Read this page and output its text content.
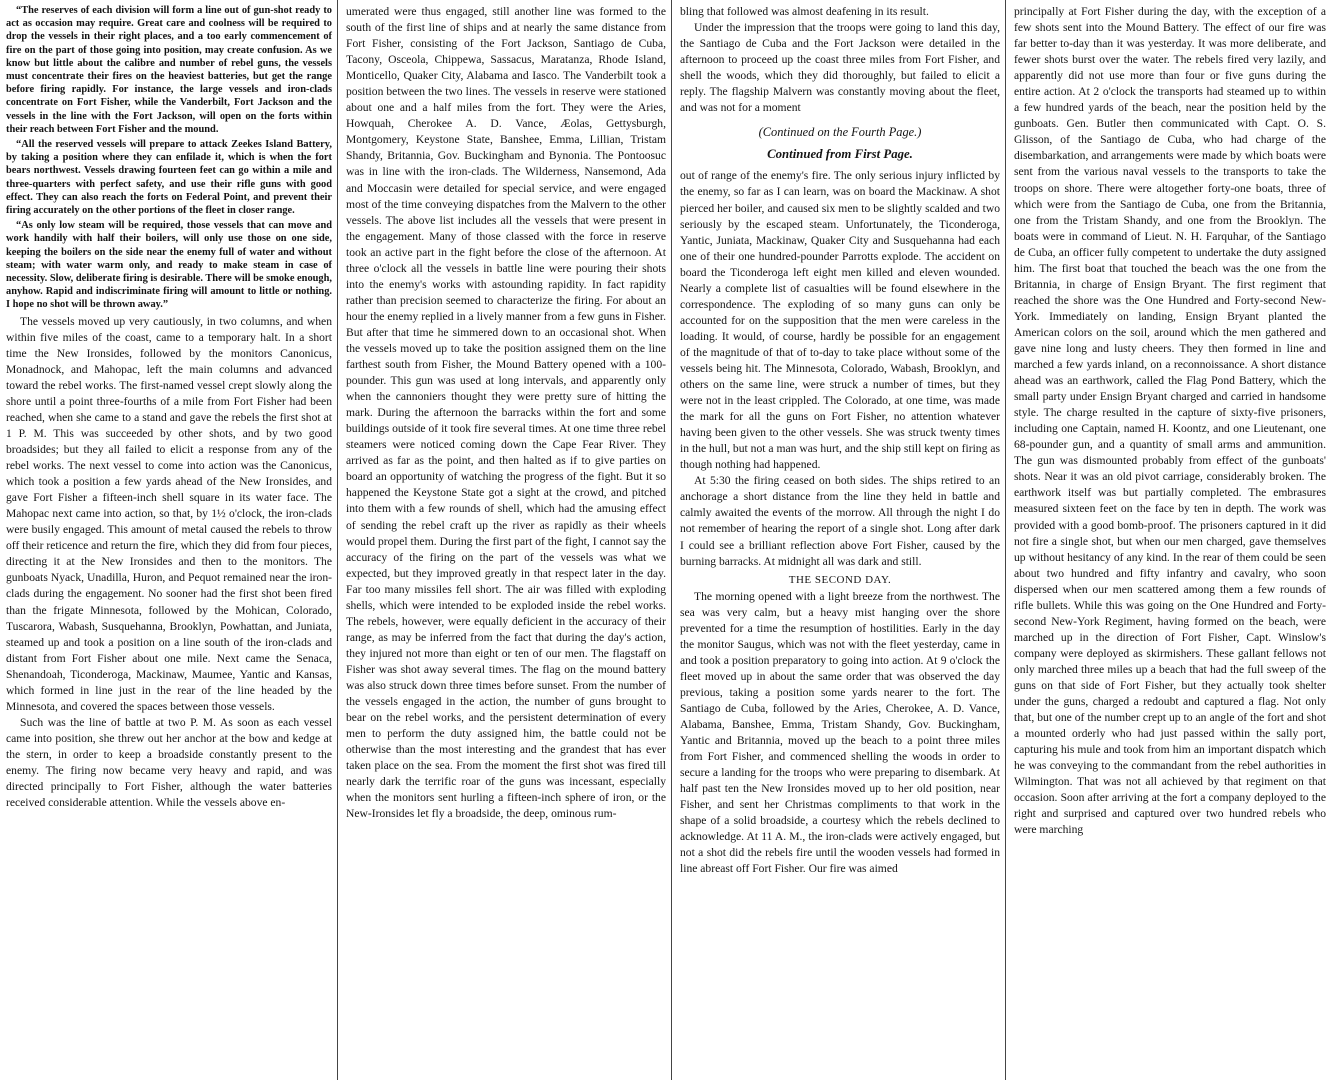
“The reserves of each division will form a line out of gun-shot ready to act as occasion may require. Great care and coolness will be required to drop the vessels in their right places, and a too early commencement of fire on the part of those going into position, may create confusion. As we know but little about the calibre and number of rebel guns, the vessels must concentrate their fires on the heaviest batteries, but get the range before firing rapidly. For instance, the large vessels and iron-clads concentrate on Fort Fisher, while the Vanderbilt, Fort Jackson and the vessels in the line with the Fort Jackson, will open on the forts within their reach between Fort Fisher and the mound.

“All the reserved vessels will prepare to attack Zeekes Island Battery, by taking a position where they can enfilade it, which is when the fort bears northwest. Vessels drawing fourteen feet can go within a mile and three-quarters with perfect safety, and use their rifle guns with good effect. They can also reach the forts on Federal Point, and prevent their firing accurately on the other portions of the fleet in closer range.

“As only low steam will be required, those vessels that can move and work handily with half their boilers, will only use those on one side, keeping the boilers on the side near the enemy full of water and without steam; with water warm only, and ready to make steam in case of necessity. Slow, deliberate firing is desirable. There will be smoke enough, anyhow. Rapid and indiscriminate firing will amount to little or nothing. I hope no shot will be thrown away.”

The vessels moved up very cautiously, in two columns, and when within five miles of the coast, came to a temporary halt. In a short time the New Ironsides, followed by the monitors Canonicus, Monadnock, and Mahopac, left the main columns and advanced toward the rebel works. The first-named vessel crept slowly along the shore until a point three-fourths of a mile from Fort Fisher had been reached, when she came to a stand and gave the rebels the first shot at 1 P. M. This was succeeded by other shots, and by two good broadsides; but they all failed to elicit a response from any of the rebel works. The next vessel to come into action was the Canonicus, which took a position a few yards ahead of the New Ironsides, and gave Fort Fisher a fifteen-inch shell square in its water face. The Mahopac next came into action, so that, by 1½ o'clock, the iron-clads were busily engaged. This amount of metal caused the rebels to throw off their reticence and return the fire, which they did from four pieces, directing it at the New Ironsides and then to the monitors. The gunboats Nyack, Unadilla, Huron, and Pequot remained near the iron-clads during the engagement. No sooner had the first shot been fired than the frigate Minnesota, followed by the Mohican, Colorado, Tuscarora, Wabash, Susquehanna, Brooklyn, Powhattan, and Juniata, steamed up and took a position on a line south of the iron-clads and distant from Fort Fisher about one mile. Next came the Senaca, Shenandoah, Ticonderoga, Mackinaw, Maumee, Yantic and Kansas, which formed in line just in the rear of the line headed by the Minnesota, and covered the spaces between those vessels.

Such was the line of battle at two P. M. As soon as each vessel came into position, she threw out her anchor at the bow and kedge at the stern, in order to keep a broadside constantly present to the enemy. The firing now became very heavy and rapid, and was directed principally to Fort Fisher, although the water batteries received considerable attention. While the vessels above en-

umerated were thus engaged, still another line was formed to the south of the first line of ships and at nearly the same distance from Fort Fisher, consisting of the Fort Jackson, Santiago de Cuba, Tacony, Osceola, Chippewa, Sassacus, Maratanza, Rhode Island, Monticello, Quaker City, Alabama and Iasco. The Vanderbilt took a position between the two lines. The vessels in reserve were stationed about one and a half miles from the fort. They were the Aries, Howquah, Cherokee A. D. Vance, Æolas, Gettysburgh, Montgomery, Keystone State, Banshee, Emma, Lillian, Tristam Shandy, Britannia, Gov. Buckingham and Bynonia. The Pontoosuc was in line with the iron-clads. The Wilderness, Nansemond, Ada and Moccasin were detailed for special service, and were engaged most of the time conveying dispatches from the Malvern to the other vessels. The above list includes all the vessels that were present in the engagement. Many of those classed with the force in reserve took an active part in the fight before the close of the afternoon. At three o'clock all the vessels in battle line were pouring their shots into the enemy's works with astounding rapidity. In fact rapidity rather than precision seemed to characterize the firing. For about an hour the enemy replied in a lively manner from a few guns in Fisher. But after that time he simmered down to an occasional shot. When the vessels moved up to take the position assigned them on the line farthest south from Fisher, the Mound Battery opened with a 100-pounder. This gun was used at long intervals, and apparently only when the cannoniers thought they were pretty sure of hitting the mark. During the afternoon the barracks within the fort and some buildings outside of it took fire several times. At one time three rebel steamers were noticed coming down the Cape Fear River. They arrived as far as the point, and then halted as if to give parties on board an opportunity of watching the progress of the fight. But it so happened the Keystone State got a sight at the crowd, and pitched into them with a few rounds of shell, which had the amusing effect of sending the rebel craft up the river as rapidly as their wheels would propel them. During the first part of the fight, I cannot say the accuracy of the firing on the part of the vessels was what we expected, but they improved greatly in that respect later in the day. Far too many missiles fell short. The air was filled with exploding shells, which were intended to be exploded inside the rebel works. The rebels, however, were equally deficient in the accuracy of their range, as may be inferred from the fact that during the day's action, they injured not more than eight or ten of our men. The flagstaff on Fisher was shot away several times. The flag on the mound battery was also struck down three times before sunset. From the number of the vessels engaged in the action, the number of guns brought to bear on the rebel works, and the persistent determination of every men to perform the duty assigned him, the battle could not be otherwise than the most interesting and the grandest that has ever taken place on the sea. From the moment the first shot was fired till nearly dark the terrific roar of the guns was incessant, especially when the monitors sent hurling a fifteen-inch sphere of iron, or the New-Ironsides let fly a broadside, the deep, ominous rum-

bling that followed was almost deafening in its result.

Under the impression that the troops were going to land this day, the Santiago de Cuba and the Fort Jackson were detailed in the afternoon to proceed up the coast three miles from Fort Fisher, and shell the woods, which they did thoroughly, but failed to elicit a reply. The flagship Malvern was constantly moving about the fleet, and was not for a moment

(Continued on the Fourth Page.)

Continued from First Page.

out of range of the enemy's fire. The only serious injury inflicted by the enemy, so far as I can learn, was on board the Mackinaw. A shot pierced her boiler, and caused six men to be slightly scalded and two seriously by the escaped steam. Unfortunately, the Ticonderoga, Yantic, Juniata, Mackinaw, Quaker City and Susquehanna had each one of their one hundred-pounder Parrotts explode. The accident on board the Ticonderoga left eight men killed and eleven wounded. Nearly a complete list of casualties will be found elsewhere in the correspondence. The exploding of so many guns can only be accounted for on the supposition that the men were careless in the loading. It would, of course, hardly be possible for an engagement of the magnitude of that of to-day to take place without some of the vessels being hit. The Minnesota, Colorado, Wabash, Brooklyn, and others on the same line, were struck a number of times, but they were not in the least crippled. The Colorado, at one time, was made the mark for all the guns on Fort Fisher, no attention whatever having been given to the other vessels. She was struck twenty times in the hull, but not a man was hurt, and the ship still kept on firing as though nothing had happened.

At 5:30 the firing ceased on both sides. The ships retired to an anchorage a short distance from the line they held in battle and calmly awaited the events of the morrow. All through the night I do not remember of hearing the report of a single shot. Long after dark I could see a brilliant reflection above Fort Fisher, caused by the burning barracks. At midnight all was dark and still.

THE SECOND DAY.

The morning opened with a light breeze from the northwest. The sea was very calm, but a heavy mist hanging over the shore prevented for a time the resumption of hostilities. Early in the day the monitor Saugus, which was not with the fleet yesterday, came in and took a position preparatory to going into action. At 9 o'clock the fleet moved up in about the same order that was observed the day previous, taking a position some yards nearer to the fort. The Santiago de Cuba, followed by the Aries, Cherokee, A. D. Vance, Alabama, Banshee, Emma, Tristam Shandy, Gov. Buckingham, Yantic and Britannia, moved up the beach to a point three miles from Fort Fisher, and commenced shelling the woods in order to secure a landing for the troops who were preparing to disembark. At half past ten the New Ironsides moved up to her old position, near Fisher, and sent her Christmas compliments to that work in the shape of a solid broadside, a courtesy which the rebels declined to acknowledge. At 11 A. M., the iron-clads were actively engaged, but not a shot did the rebels fire until the wooden vessels had formed in line abreast off Fort Fisher. Our fire was aimed

principally at Fort Fisher during the day, with the exception of a few shots sent into the Mound Battery. The effect of our fire was far better to-day than it was yesterday. It was more deliberate, and fewer shots burst over the water. The rebels fired very lazily, and apparently did not use more than four or five guns during the entire action. At 2 o'clock the transports had steamed up to within a few hundred yards of the beach, near the position held by the gunboats. Gen. Butler then communicated with Capt. O. S. Glisson, of the Santiago de Cuba, who had charge of the disembarkation, and arrangements were made by which boats were sent from the various naval vessels to the transports to take the troops on shore. There were altogether forty-one boats, three of which were from the Santiago de Cuba, one from the Britannia, one from the Tristam Shandy, and one from the Brooklyn. The boats were in command of Lieut. N. H. Farquhar, of the Santiago de Cuba, an officer fully competent to undertake the duty assigned him. The first boat that touched the beach was the one from the Britannia, in charge of Ensign Bryant. The first regiment that reached the shore was the One Hundred and Forty-second New-York. Immediately on landing, Ensign Bryant planted the American colors on the soil, around which the men gathered and gave nine long and lusty cheers. They then formed in line and marched a few yards inland, on a reconnoissance. A short distance ahead was an earthwork, called the Flag Pond Battery, which the small party under Ensign Bryant charged and carried in handsome style. The charge resulted in the capture of sixty-five prisoners, including one Captain, named H. Koontz, and one Lieutenant, one 68-pounder gun, and a quantity of small arms and ammunition. The gun was dismounted probably from effect of the gunboats' shots. Near it was an old pivot carriage, considerably broken. The earthwork itself was but partially completed. The embrasures measured sixteen feet on the face by ten in depth. The work was provided with a good bomb-proof. The prisoners captured in it did not fire a single shot, but when our men charged, gave themselves up without hesitancy of any kind. In the rear of them could be seen about two hundred and fifty infantry and cavalry, who soon dispersed when our men scattered among them a few rounds of rifle bullets. While this was going on the One Hundred and Forty-second New-York Regiment, having formed on the beach, were marched up in the direction of Fort Fisher, Capt. Winslow's company were deployed as skirmishers. These gallant fellows not only marched three miles up a beach that had the full sweep of the guns on that side of Fort Fisher, but they actually took shelter under the guns, charged a redoubt and captured a flag. Not only that, but one of the number crept up to an angle of the fort and shot a mounted orderly who had just passed within the sally port, capturing his mule and took from him an important dispatch which he was conveying to the commandant from the rebel authorities in Wilmington. That was not all achieved by that regiment on that occasion. Soon after arriving at the fort a company deployed to the right and surprised and captured over two hundred rebels who were marching
